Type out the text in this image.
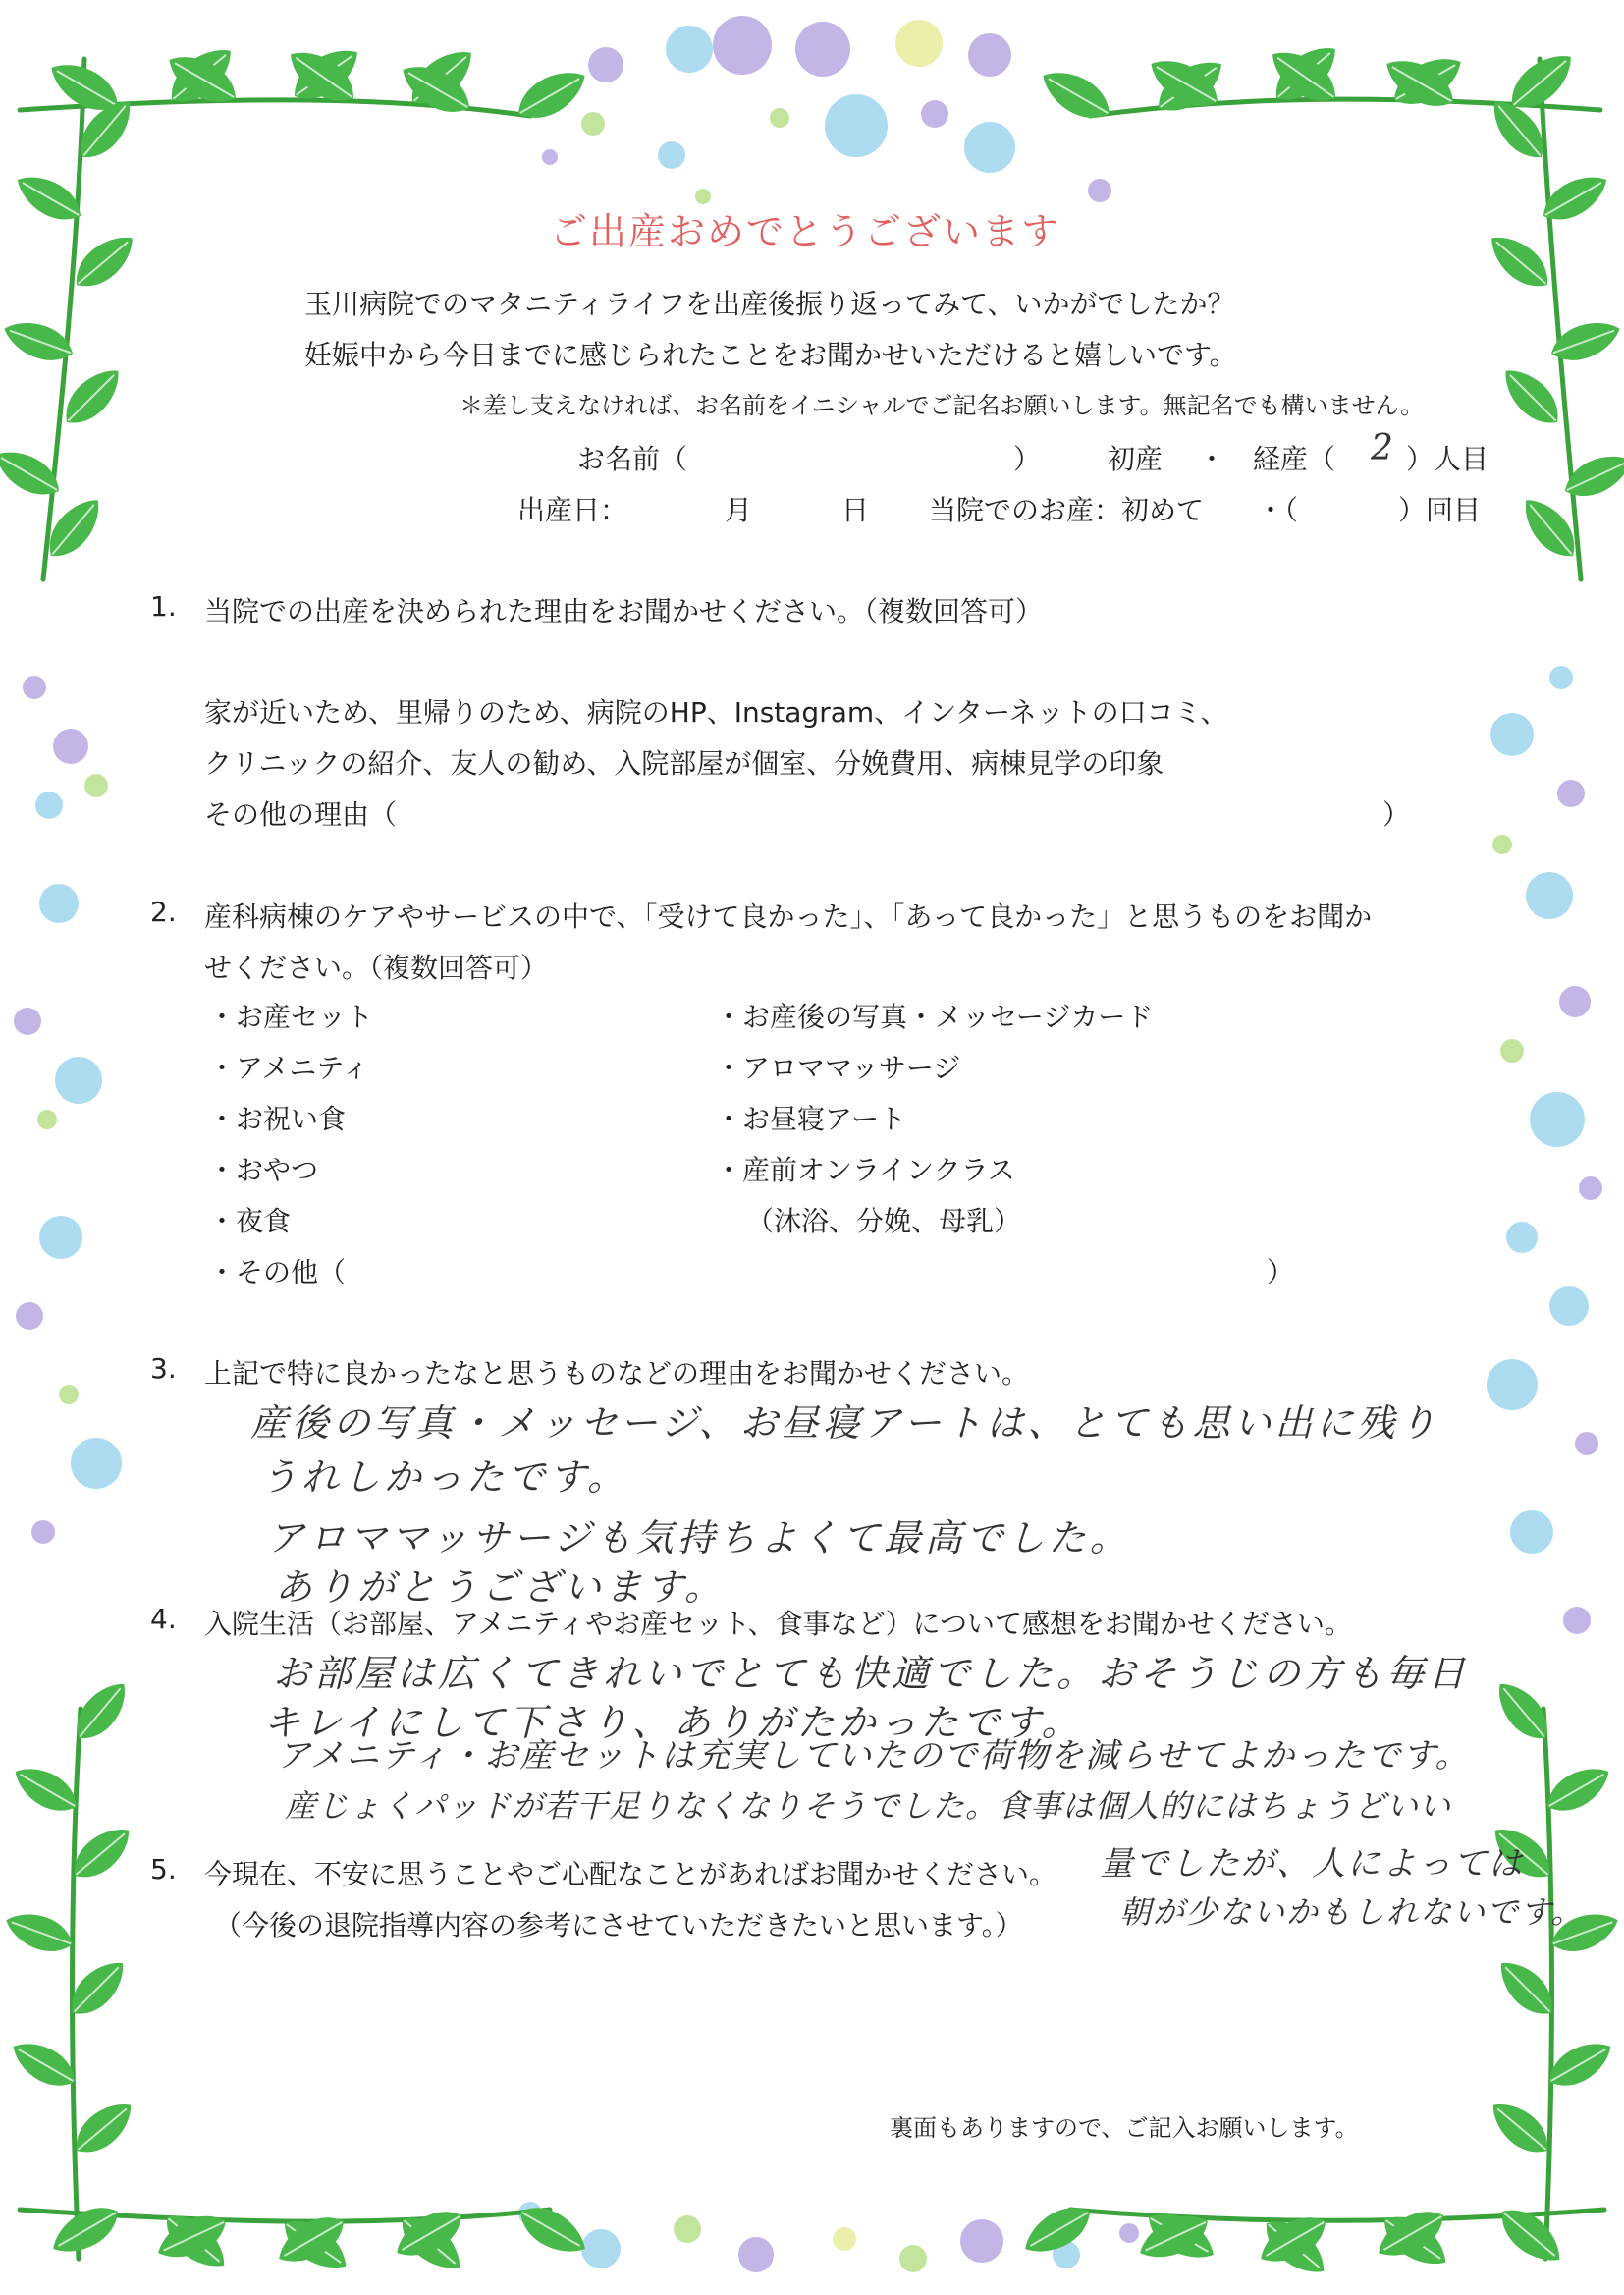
ご出産おめでとうございます
玉川病院でのマタニティライフを出産後振り返ってみて、いかがでしたか？
妊娠中から今日までに感じられたことをお聞かせいただけると嬉しいです。
＊差し支えなければ、お名前をイニシャルでご記名お願いします。無記名でも構いません。
お名前（	） 初産 ・ 経産（ 2 ）人目
出産日：	月	日 当院でのお産：初めて ・（	）回目
1. 当院での出産を決められた理由をお聞かせください。（複数回答可）
家が近いため、里帰りのため、病院のHP、Instagram、インターネットの口コミ、
クリニックの紹介、友人の勧め、入院部屋が個室、分娩費用、病棟見学の印象
その他の理由（	）
2. 産科病棟のケアやサービスの中で、「受けて良かった」、「あって良かった」と思うものをお聞か
せください。（複数回答可）
・お産セット
・アメニティ
・お祝い食
・おやつ
・夜食
・その他（	）
・お産後の写真・メッセージカード
・アロママッサージ
・お昼寝アート
・産前オンラインクラス
（沐浴、分娩、母乳）
3. 上記で特に良かったなと思うものなどの理由をお聞かせください。
産後の写真・メッセージ、お昼寝アートは、とても思い出に残り
うれしかったです。
アロママッサージも気持ちよくて最高でした。
ありがとうございます。
4. 入院生活（お部屋、アメニティやお産セット、食事など）について感想をお聞かせください。
お部屋は広くてきれいでとても快適でした。おそうじの方も毎日
キレイにして下さり、ありがたかったです。
アメニティ・お産セットは充実していたので荷物を減らせてよかったです。
産じょくパッドが若干足りなくなりそうでした。食事は個人的にはちょうどいい
量でしたが、人によっては
朝が少ないかもしれないです。
5. 今現在、不安に思うことやご心配なことがあればお聞かせください。
（今後の退院指導内容の参考にさせていただきたいと思います。）
裏面もありますので、ご記入お願いします。
